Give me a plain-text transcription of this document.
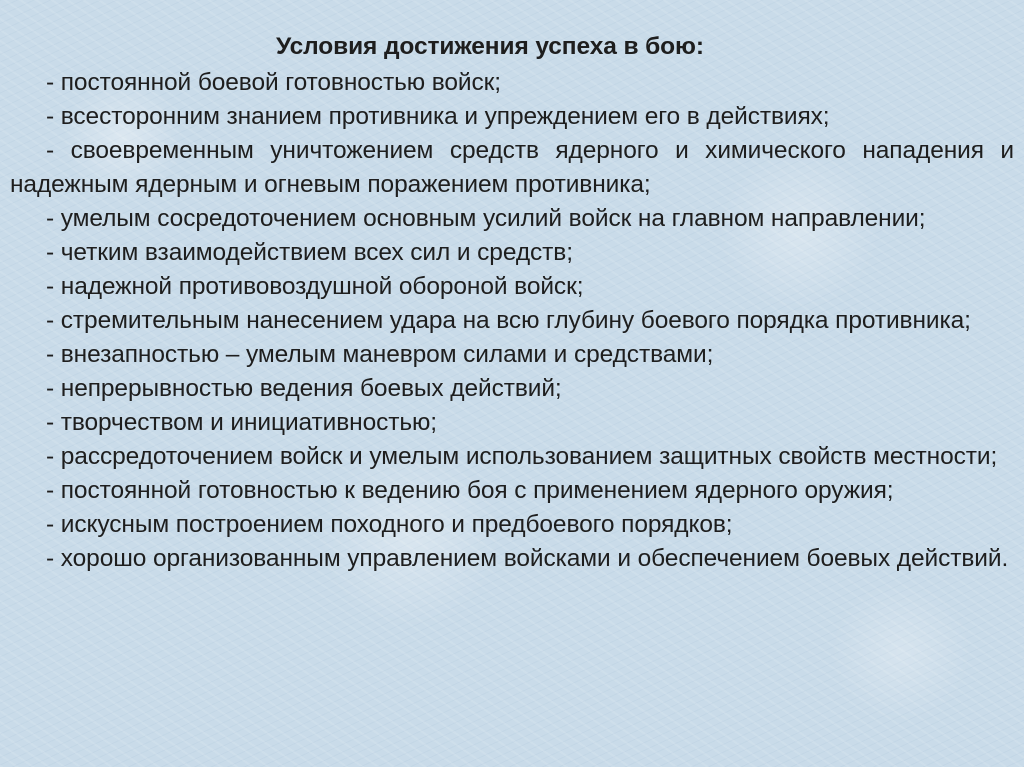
Условия достижения успеха в бою:

- постоянной боевой готовностью войск;

- всесторонним знанием противника и упреждением его в действиях;

- своевременным уничтожением средств ядерного и химического нападения и надежным ядерным и огневым поражением противника;

- умелым сосредоточением основным усилий войск на главном направлении;

- четким взаимодействием всех сил и средств;

- надежной противовоздушной обороной войск;

- стремительным нанесением удара на всю глубину боевого порядка противника;

- внезапностью – умелым маневром силами и средствами;

- непрерывностью ведения боевых действий;

- творчеством и инициативностью;

- рассредоточением войск и умелым использованием защитных свойств местности;

- постоянной готовностью к ведению боя с применением ядерного оружия;

- искусным построением походного и предбоевого порядков;

- хорошо организованным управлением войсками и обеспечением боевых действий.
